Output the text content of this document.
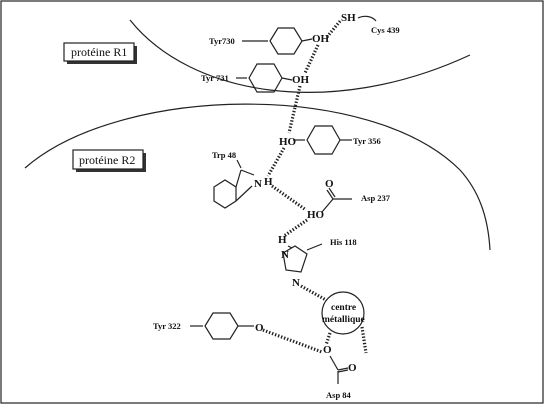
protéine R1
protéine R2
Tyr730	OH
SH
Cys 439
Tyr 731	OH
HO	Tyr 356
Trp 48
N H	O
HO
Asp 237
H
N
N
His 118
centre
métallique
Tyr 322	O
O
O
Asp 84
